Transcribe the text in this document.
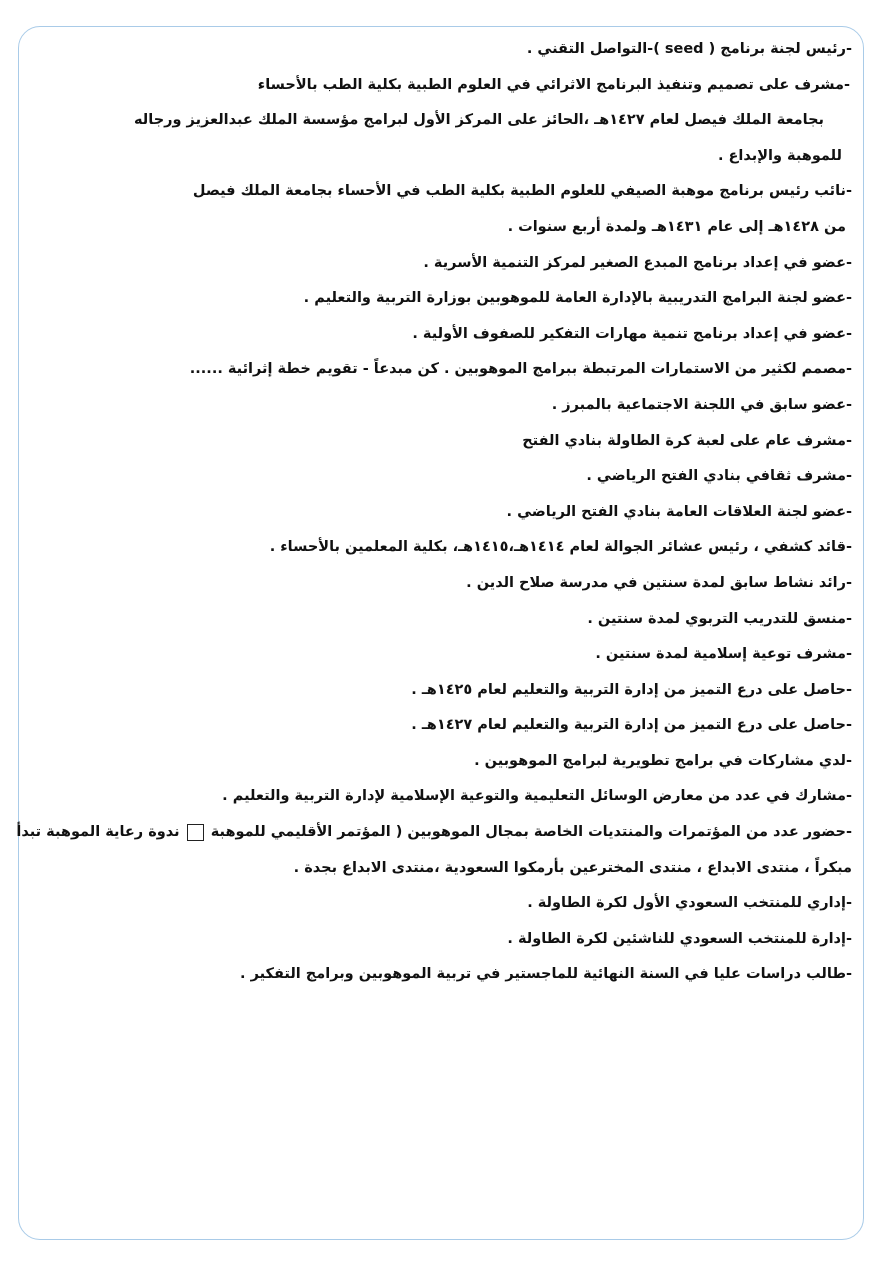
-رئيس لجنة برنامج ( seed )-التواصل التقني .
-مشرف على تصميم وتنفيذ البرنامج الاثرائي في العلوم الطبية بكلية الطب بالأحساء
بجامعة الملك فيصل لعام ١٤٢٧هـ ،الحائز على المركز الأول لبرامج مؤسسة الملك عبدالعزيز ورجاله
للموهبة والإبداع .
-نائب رئيس برنامج موهبة الصيفي للعلوم الطبية بكلية الطب في الأحساء بجامعة الملك فيصل
من ١٤٢٨هـ إلى عام ١٤٣١هـ ولمدة أربع سنوات .
-عضو في إعداد برنامج المبدع الصغير لمركز التنمية الأسرية .
-عضو لجنة البرامج التدريبية بالإدارة العامة للموهوبين بوزارة التربية والتعليم .
-عضو في إعداد برنامج تنمية مهارات التفكير للصفوف الأولية .
-مصمم لكثير من الاستمارات المرتبطة ببرامج الموهوبين . كن مبدعاً - تقويم خطة إثرائية ......
-عضو سابق في اللجنة الاجتماعية بالمبرز .
-مشرف عام على لعبة كرة الطاولة بنادي الفتح
-مشرف ثقافي بنادي الفتح الرياضي .
-عضو لجنة العلاقات العامة بنادي الفتح الرياضي .
-قائد كشفي ، رئيس عشائر الجوالة لعام ١٤١٤هـ،١٤١٥هـ، بكلية المعلمين بالأحساء .
-رائد نشاط سابق لمدة سنتين في مدرسة صلاح الدين .
-منسق للتدريب التربوي لمدة سنتين .
-مشرف توعية إسلامية لمدة سنتين .
-حاصل على درع التميز من إدارة التربية والتعليم لعام ١٤٢٥هـ .
-حاصل على درع التميز من إدارة التربية والتعليم لعام ١٤٢٧هـ .
-لدي مشاركات في برامج تطويرية لبرامج الموهوبين .
-مشارك في عدد من معارض الوسائل التعليمية والتوعية الإسلامية لإدارة التربية والتعليم .
-حضور عدد من المؤتمرات والمنتديات الخاصة بمجال الموهوبين ( المؤتمر الأقليمي للموهبة  ندوة رعاية الموهبة تبدأ
مبكراً ، منتدى الابداع ، منتدى المخترعين بأرمكوا السعودية ،منتدى الابداع بجدة .
-إداري للمنتخب السعودي الأول لكرة الطاولة .
-إدارة للمنتخب السعودي للناشئين لكرة الطاولة .
-طالب دراسات عليا في السنة النهائية للماجستير في تربية الموهوبين وبرامج التفكير .
